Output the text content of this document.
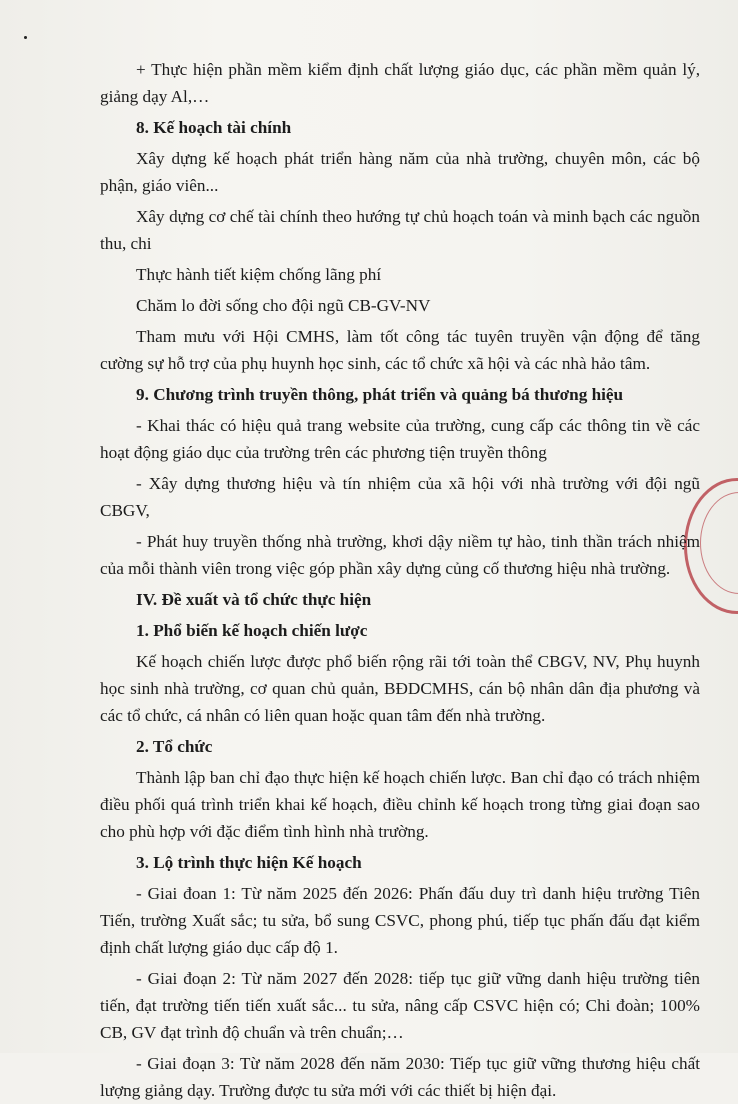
+ Thực hiện phần mềm kiểm định chất lượng giáo dục, các phần mềm quản lý, giảng dạy Al,…

8. Kế hoạch tài chính

Xây dựng kế hoạch phát triển hàng năm của nhà trường, chuyên môn, các bộ phận, giáo viên...

Xây dựng cơ chế tài chính theo hướng tự chủ hoạch toán và minh bạch các nguồn thu, chi

Thực hành tiết kiệm chống lãng phí

Chăm lo đời sống cho đội ngũ CB-GV-NV

Tham mưu với Hội CMHS, làm tốt công tác tuyên truyền vận động để tăng cường sự hỗ trợ của phụ huynh học sinh, các tổ chức xã hội và các nhà hảo tâm.

9. Chương trình truyền thông, phát triển và quảng bá thương hiệu

- Khai thác có hiệu quả trang website của trường, cung cấp các thông tin về các hoạt động giáo dục của trường trên các phương tiện truyền thông

- Xây dựng thương hiệu và tín nhiệm của xã hội với nhà trường với đội ngũ CBGV,

- Phát huy truyền thống nhà trường, khơi dậy niềm tự hào, tinh thần trách nhiệm của mỗi thành viên trong việc góp phần xây dựng củng cố thương hiệu nhà trường.

IV. Đề xuất và tổ chức thực hiện

1. Phổ biến kế hoạch chiến lược

Kế hoạch chiến lược được phổ biến rộng rãi tới toàn thể CBGV, NV, Phụ huynh học sinh nhà trường, cơ quan chủ quản, BĐDCMHS, cán bộ nhân dân địa phương và các tổ chức, cá nhân có liên quan hoặc quan tâm đến nhà trường.

2. Tổ chức

Thành lập ban chỉ đạo thực hiện kế hoạch chiến lược. Ban chỉ đạo có trách nhiệm điều phối quá trình triển khai kế hoạch, điều chỉnh kế hoạch trong từng giai đoạn sao cho phù hợp với đặc điểm tình hình nhà trường.

3. Lộ trình thực hiện Kế hoạch

- Giai đoan 1: Từ năm 2025 đến 2026: Phấn đấu duy trì danh hiệu trường Tiên Tiến, trường Xuất sắc; tu sửa, bổ sung CSVC, phong phú, tiếp tục phấn đấu đạt kiểm định chất lượng giáo dục cấp độ 1.

- Giai đoạn 2: Từ năm 2027 đến 2028: tiếp tục giữ vững danh hiệu trường tiên tiến, đạt trường tiến tiến xuất sắc... tu sửa, nâng cấp CSVC hiện có; Chi đoàn; 100% CB, GV đạt trình độ chuẩn và trên chuẩn;…

- Giai đoạn 3: Từ năm 2028 đến năm 2030: Tiếp tục giữ vững thương hiệu chất lượng giảng dạy. Trường được tu sửa mới với các thiết bị hiện đại.
